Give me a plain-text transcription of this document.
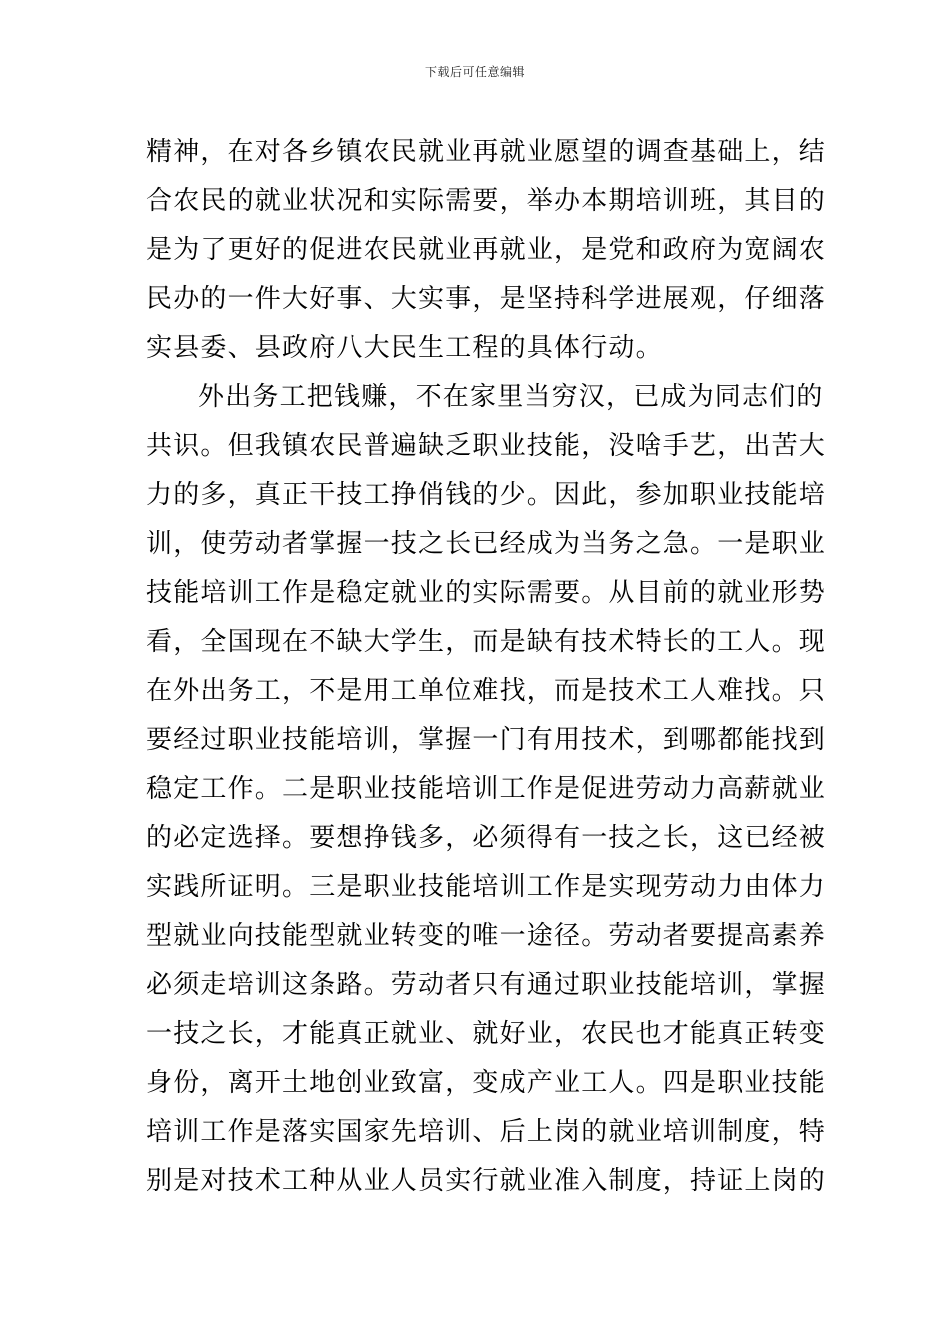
下载后可任意编辑
精神，在对各乡镇农民就业再就业愿望的调查基础上，结
合农民的就业状况和实际需要，举办本期培训班，其目的
是为了更好的促进农民就业再就业，是党和政府为宽阔农
民办的一件大好事、大实事，是坚持科学进展观，仔细落
实县委、县政府八大民生工程的具体行动。
外出务工把钱赚，不在家里当穷汉，已成为同志们的
共识。但我镇农民普遍缺乏职业技能，没啥手艺，出苦大
力的多，真正干技工挣俏钱的少。因此，参加职业技能培
训，使劳动者掌握一技之长已经成为当务之急。一是职业
技能培训工作是稳定就业的实际需要。从目前的就业形势
看，全国现在不缺大学生，而是缺有技术特长的工人。现
在外出务工，不是用工单位难找，而是技术工人难找。只
要经过职业技能培训，掌握一门有用技术，到哪都能找到
稳定工作。二是职业技能培训工作是促进劳动力高薪就业
的必定选择。要想挣钱多，必须得有一技之长，这已经被
实践所证明。三是职业技能培训工作是实现劳动力由体力
型就业向技能型就业转变的唯一途径。劳动者要提高素养
必须走培训这条路。劳动者只有通过职业技能培训，掌握
一技之长，才能真正就业、就好业，农民也才能真正转变
身份，离开土地创业致富，变成产业工人。四是职业技能
培训工作是落实国家先培训、后上岗的就业培训制度，特
别是对技术工种从业人员实行就业准入制度，持证上岗的
